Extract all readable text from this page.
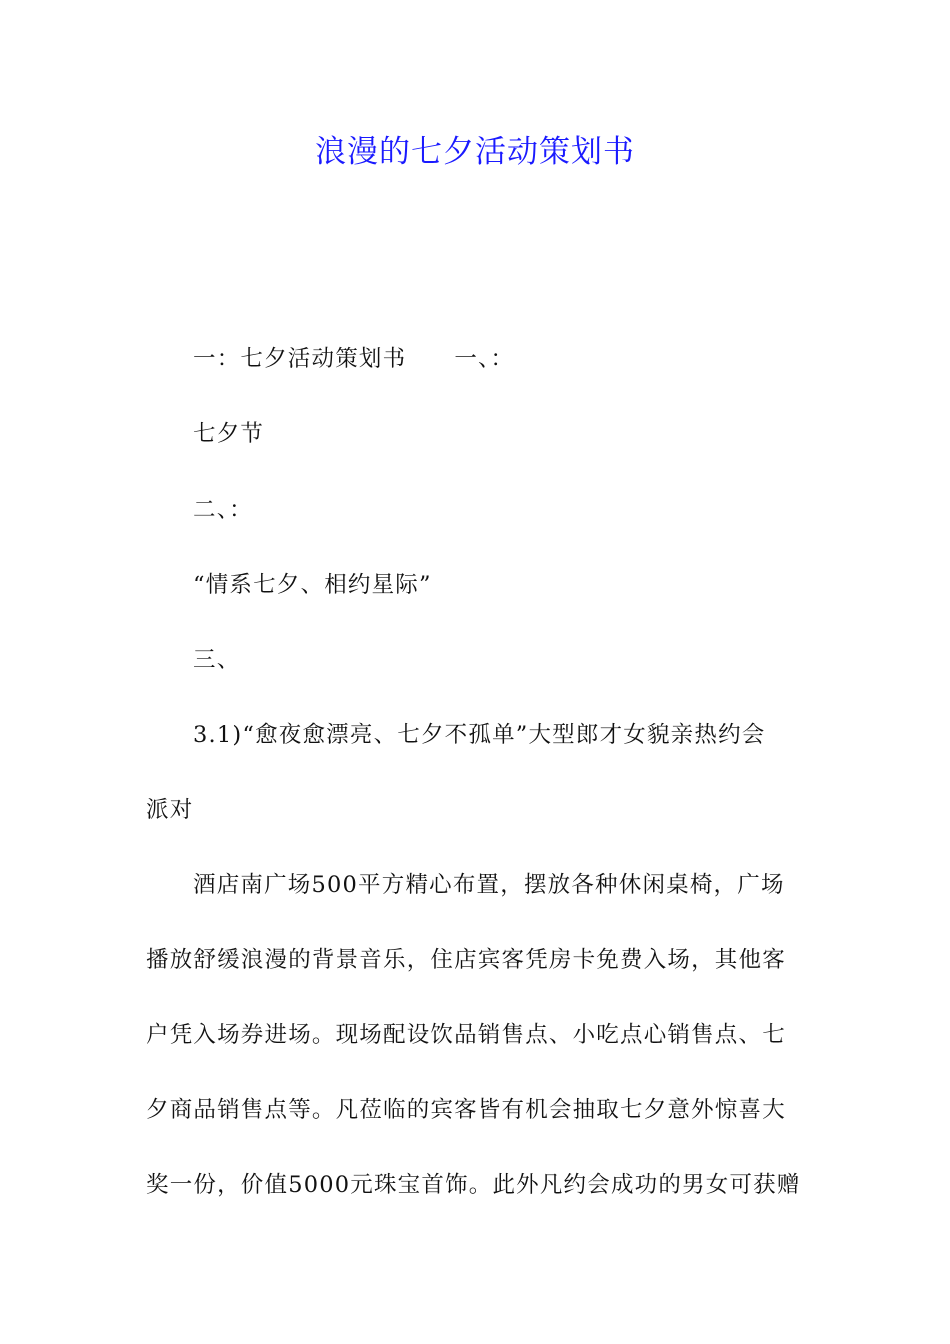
浪漫的七夕活动策划书

一：七夕活动策划书 一、：

七夕节

二、：

“情系七夕、相约星际”

三、

3.1)“愈夜愈漂亮、七夕不孤单”大型郎才女貌亲热约会

派对

酒店南广场500平方精心布置，摆放各种休闲桌椅，广场

播放舒缓浪漫的背景音乐，住店宾客凭房卡免费入场，其他客

户凭入场券进场。现场配设饮品销售点、小吃点心销售点、七

夕商品销售点等。凡莅临的宾客皆有机会抽取七夕意外惊喜大

奖一份，价值5000元珠宝首饰。此外凡约会成功的男女可获赠
